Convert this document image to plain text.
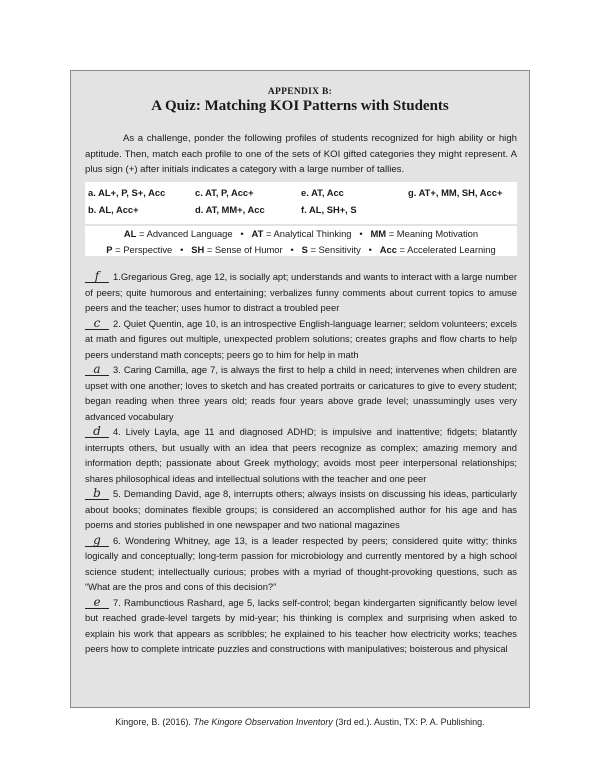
APPENDIX B:
A Quiz: Matching KOI Patterns with Students
As a challenge, ponder the following profiles of students recognized for high ability or high aptitude. Then, match each profile to one of the sets of KOI gifted categories they might represent. A plus sign (+) after initials indicates a category with a large number of tallies.
a. AL+, P, S+, Acc
b. AL, Acc+
c. AT, P, Acc+
d. AT, MM+, Acc
e. AT, Acc
f. AL, SH+, S
g. AT+, MM, SH, Acc+
AL = Advanced Language • AT = Analytical Thinking • MM = Meaning Motivation
P = Perspective • SH = Sense of Humor • S = Sensitivity • Acc = Accelerated Learning

f 1.Gregarious Greg, age 12, is socially apt; understands and wants to interact with a large number of peers; quite humorous and entertaining; verbalizes funny comments about current topics to amuse peers and the teacher; uses humor to distract a troubled peer

c 2. Quiet Quentin, age 10, is an introspective English-language learner; seldom volunteers; excels at math and figures out multiple, unexpected problem solutions; creates graphs and flow charts to help peers understand math concepts; peers go to him for help in math

a 3. Caring Camilla, age 7, is always the first to help a child in need; intervenes when children are upset with one another; loves to sketch and has created portraits or caricatures to give to every student; began reading when three years old; reads four years above grade level; unassumingly uses very advanced vocabulary

d 4. Lively Layla, age 11 and diagnosed ADHD; is impulsive and inattentive; fidgets; blatantly interrupts others, but usually with an idea that peers recognize as complex; amazing memory and information depth; passionate about Greek mythology; avoids most peer interpersonal relationships; shares philosophical ideas and intellectual solutions with the teacher and one peer

b 5. Demanding David, age 8, interrupts others; always insists on discussing his ideas, particularly about books; dominates flexible groups; is considered an accomplished author for his age and has poems and stories published in one newspaper and two national magazines

g 6. Wondering Whitney, age 13, is a leader respected by peers; considered quite witty; thinks logically and conceptually; long-term passion for microbiology and currently mentored by a high school science student; intellectually curious; probes with a myriad of thought-provoking questions, such as “What are the pros and cons of this decision?”

e 7. Rambunctious Rashard, age 5, lacks self-control; began kindergarten significantly below level but reached grade-level targets by mid-year; his thinking is complex and surprising when asked to explain his work that appears as scribbles; he explained to his teacher how electricity works; teaches peers how to complete intricate puzzles and constructions with manipulatives; boisterous and physical

Kingore, B. (2016). The Kingore Observation Inventory (3rd ed.). Austin, TX: P. A. Publishing.
